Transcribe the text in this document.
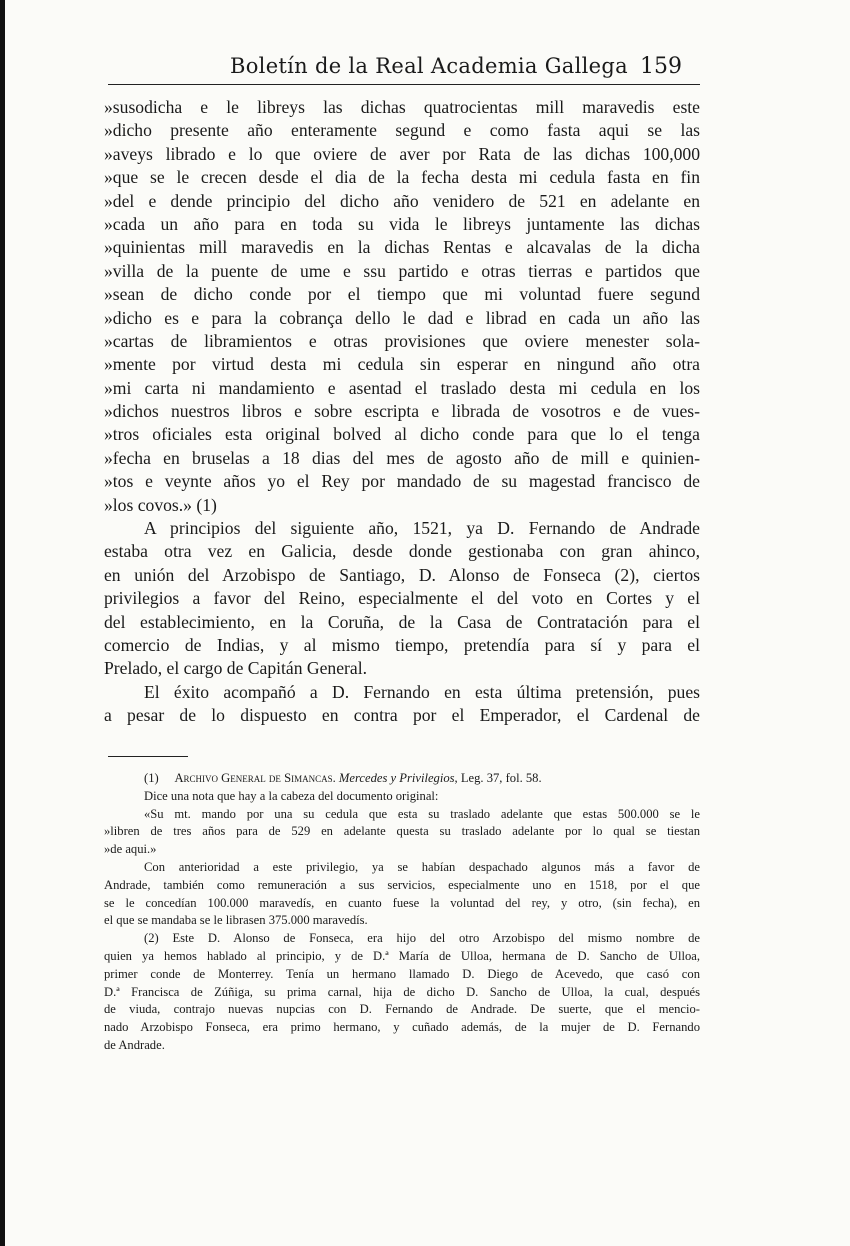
Boletín de la Real Academia Gallega 159
»susodicha e le libreys las dichas quatrocientas mill maravedis este
»dicho presente año enteramente segund e como fasta aqui se las
»aveys librado e lo que oviere de aver por Rata de las dichas 100,000
»que se le crecen desde el dia de la fecha desta mi cedula fasta en fin
»del e dende principio del dicho año venidero de 521 en adelante en
»cada un año para en toda su vida le libreys juntamente las dichas
»quinientas mill maravedis en la dichas Rentas e alcavalas de la dicha
»villa de la puente de ume e ssu partido e otras tierras e partidos que
»sean de dicho conde por el tiempo que mi voluntad fuere segund
»dicho es e para la cobrança dello le dad e librad en cada un año las
»cartas de libramientos e otras provisiones que oviere menester sola-
»mente por virtud desta mi cedula sin esperar en ningund año otra
»mi carta ni mandamiento e asentad el traslado desta mi cedula en los
»dichos nuestros libros e sobre escripta e librada de vosotros e de vues-
»tros oficiales esta original bolved al dicho conde para que lo el tenga
»fecha en bruselas a 18 dias del mes de agosto año de mill e quinien-
»tos e veynte años yo el Rey por mandado de su magestad francisco de
»los covos.» (1)
A principios del siguiente año, 1521, ya D. Fernando de Andrade
estaba otra vez en Galicia, desde donde gestionaba con gran ahinco,
en unión del Arzobispo de Santiago, D. Alonso de Fonseca (2), ciertos
privilegios a favor del Reino, especialmente el del voto en Cortes y el
del establecimiento, en la Coruña, de la Casa de Contratación para el
comercio de Indias, y al mismo tiempo, pretendía para sí y para el
Prelado, el cargo de Capitán General.
El éxito acompañó a D. Fernando en esta última pretensión, pues
a pesar de lo dispuesto en contra por el Emperador, el Cardenal de
(1) Archivo General de Simancas. Mercedes y Privilegios, Leg. 37, fol. 58.
Dice una nota que hay a la cabeza del documento original:
«Su mt. mando por una su cedula que esta su traslado adelante que estas 500.000 se le
»libren de tres años para de 529 en adelante questa su traslado adelante por lo qual se tiestan
»de aqui.»
Con anterioridad a este privilegio, ya se habían despachado algunos más a favor de
Andrade, también como remuneración a sus servicios, especialmente uno en 1518, por el que
se le concedían 100.000 maravedís, en cuanto fuese la voluntad del rey, y otro, (sin fecha), en
el que se mandaba se le librasen 375.000 maravedís.
(2) Este D. Alonso de Fonseca, era hijo del otro Arzobispo del mismo nombre de
quien ya hemos hablado al principio, y de D.ª María de Ulloa, hermana de D. Sancho de Ulloa,
primer conde de Monterrey. Tenía un hermano llamado D. Diego de Acevedo, que casó con
D.ª Francisca de Zúñiga, su prima carnal, hija de dicho D. Sancho de Ulloa, la cual, después
de viuda, contrajo nuevas nupcias con D. Fernando de Andrade. De suerte, que el mencio-
nado Arzobispo Fonseca, era primo hermano, y cuñado además, de la mujer de D. Fernando
de Andrade.
